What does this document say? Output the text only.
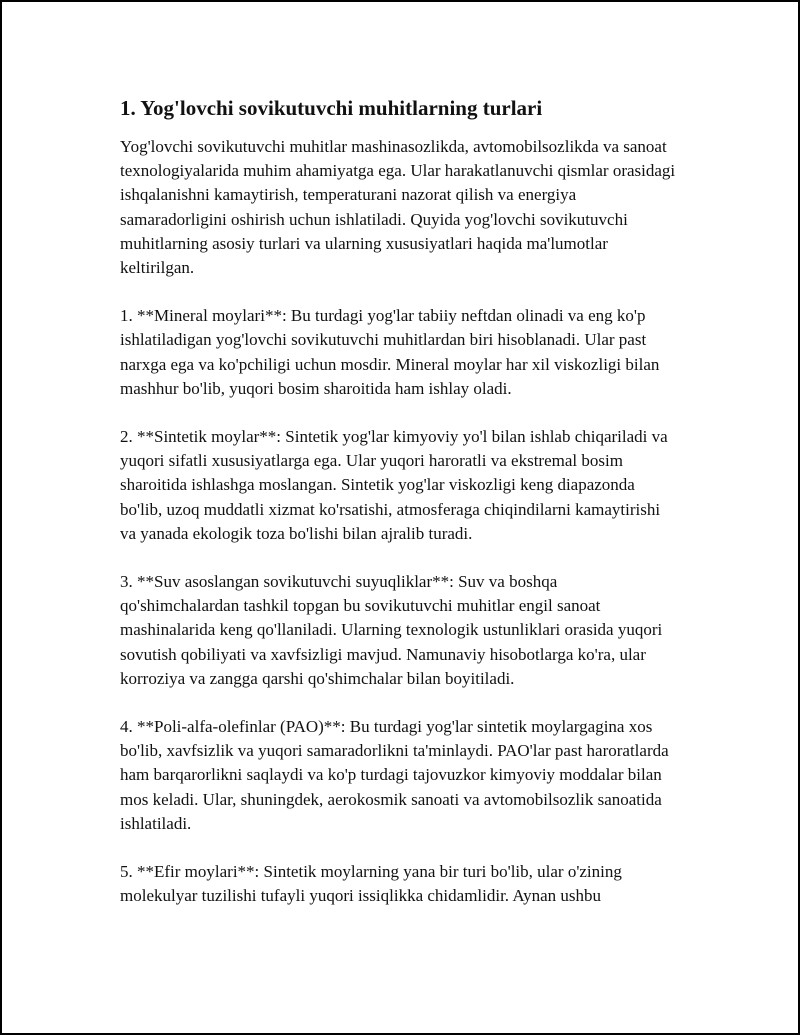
1. Yog'lovchi sovikutuvchi muhitlarning turlari

Yog'lovchi sovikutuvchi muhitlar mashinasozlikda, avtomobilsozlikda va sanoat texnologiyalarida muhim ahamiyatga ega. Ular harakatlanuvchi qismlar orasidagi ishqalanishni kamaytirish, temperaturani nazorat qilish va energiya samaradorligini oshirish uchun ishlatiladi. Quyida yog'lovchi sovikutuvchi muhitlarning asosiy turlari va ularning xususiyatlari haqida ma'lumotlar keltirilgan.

1. **Mineral moylari**: Bu turdagi yog'lar tabiiy neftdan olinadi va eng ko'p ishlatiladigan yog'lovchi sovikutuvchi muhitlardan biri hisoblanadi. Ular past narxga ega va ko'pchiligi uchun mosdir. Mineral moylar har xil viskozligi bilan mashhur bo'lib, yuqori bosim sharoitida ham ishlay oladi.

2. **Sintetik moylar**: Sintetik yog'lar kimyoviy yo'l bilan ishlab chiqariladi va yuqori sifatli xususiyatlarga ega. Ular yuqori haroratli va ekstremal bosim sharoitida ishlashga moslangan. Sintetik yog'lar viskozligi keng diapazonda bo'lib, uzoq muddatli xizmat ko'rsatishi, atmosferaga chiqindilarni kamaytirishi va yanada ekologik toza bo'lishi bilan ajralib turadi.

3. **Suv asoslangan sovikutuvchi suyuqliklar**: Suv va boshqa qo'shimchalardan tashkil topgan bu sovikutuvchi muhitlar engil sanoat mashinalarida keng qo'llaniladi. Ularning texnologik ustunliklari orasida yuqori sovutish qobiliyati va xavfsizligi mavjud. Namunaviy hisobotlarga ko'ra, ular korroziya va zangga qarshi qo'shimchalar bilan boyitiladi.

4. **Poli-alfa-olefinlar (PAO)**: Bu turdagi yog'lar sintetik moylargagina xos bo'lib, xavfsizlik va yuqori samaradorlikni ta'minlaydi. PAO'lar past haroratlarda ham barqarorlikni saqlaydi va ko'p turdagi tajovuzkor kimyoviy moddalar bilan mos keladi. Ular, shuningdek, aerokosmik sanoati va avtomobilsozlik sanoatida ishlatiladi.

5. **Efir moylari**: Sintetik moylarning yana bir turi bo'lib, ular o'zining molekulyar tuzilishi tufayli yuqori issiqlikka chidamlidir. Aynan ushbu
